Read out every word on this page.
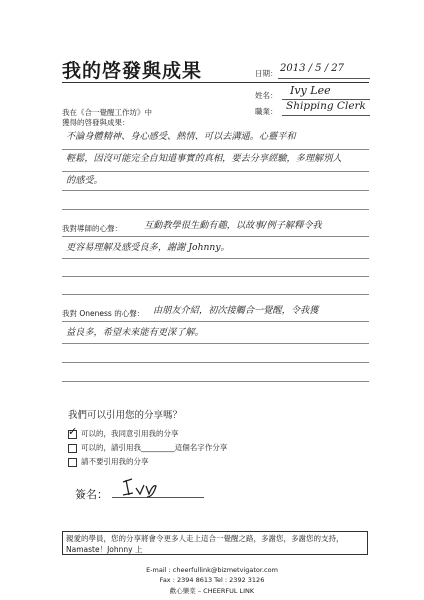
我的啓發與成果	日期： 2013 / 5 / 27
姓名： Ivy Lee
職業： Shipping Clerk
我在《合一覺醒工作坊》中
獲得的啓發與成果：
不論身體精神、身心感受、熱情、可以去溝通。心靈平和
輕鬆，因沒可能完全自知道事實的真相，要去分享經驗，多理解別人
的感受。
我對導師的心聲： 互動教學很生動有趣，以故事/例子解釋令我
更容易理解及感受良多，謝謝 Johnny。
我對 Oneness 的心聲： 由朋友介紹，初次接觸合一覺醒，令我獲
益良多，希望未來能有更深了解。
我們可以引用您的分享嗎？
✓ 可以的，我同意引用我的分享
可以的，請引用我_________這個名字作分享
請不要引用我的分享
簽名：
親愛的學員，您的分享將會令更多人走上這合一覺醒之路，多謝您，多謝您的支持，
Namaste！Johnny 上
E-mail : cheerfullink@bizmetvigator.com
Fax : 2394 8613 Tel : 2392 3126
歡心樂棠 – CHEERFUL LINK
